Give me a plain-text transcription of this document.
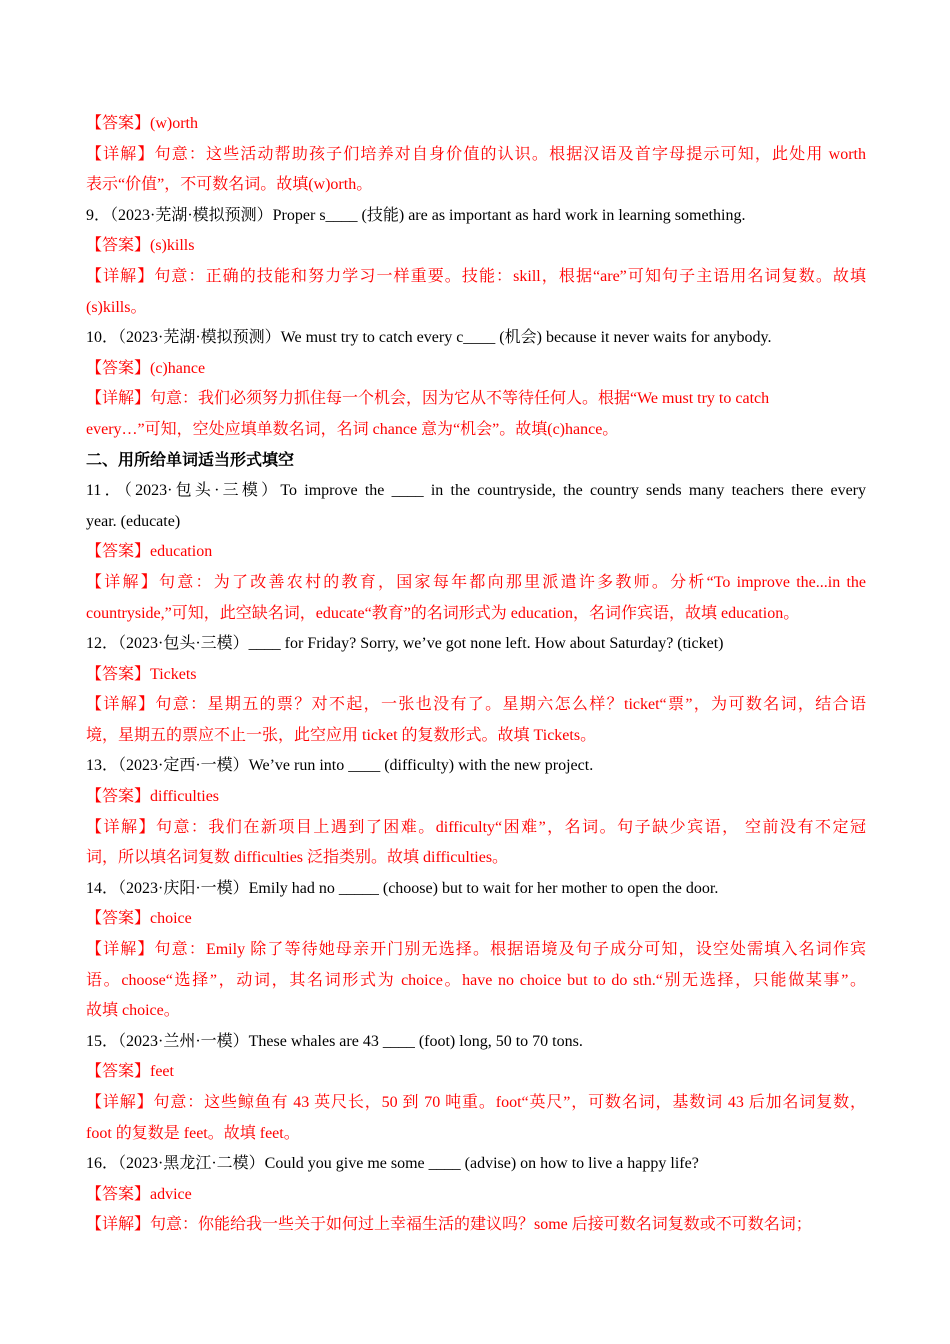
【答案】(w)orth
【详解】句意：这些活动帮助孩子们培养对自身价值的认识。根据汉语及首字母提示可知，此处用 worth
表示“价值”，不可数名词。故填(w)orth。
9．（2023·芜湖·模拟预测）Proper s____ (技能) are as important as hard work in learning something.
【答案】(s)kills
【详解】句意：正确的技能和努力学习一样重要。技能：skill，根据“are”可知句子主语用名词复数。故填
(s)kills。
10．（2023·芜湖·模拟预测）We must try to catch every c____ (机会) because it never waits for anybody.
【答案】(c)hance
【详解】句意：我们必须努力抓住每一个机会，因为它从不等待任何人。根据“We must try to catch
every…”可知，空处应填单数名词，名词 chance 意为“机会”。故填(c)hance。
二、用所给单词适当形式填空
11．（2023·包头·三模）To improve the ____ in the countryside, the country sends many teachers there every
year. (educate)
【答案】education
【详解】句意：为了改善农村的教育，国家每年都向那里派遣许多教师。分析“To improve the...in the
countryside,”可知，此空缺名词，educate“教育”的名词形式为 education，名词作宾语，故填 education。
12．（2023·包头·三模）____ for Friday? Sorry, we’ve got none left. How about Saturday? (ticket)
【答案】Tickets
【详解】句意：星期五的票？对不起，一张也没有了。星期六怎么样？ticket“票”，为可数名词，结合语
境，星期五的票应不止一张，此空应用 ticket 的复数形式。故填 Tickets。
13．（2023·定西·一模）We’ve run into ____ (difficulty) with the new project.
【答案】difficulties
【详解】句意：我们在新项目上遇到了困难。difficulty“困难”，名词。句子缺少宾语， 空前没有不定冠
词，所以填名词复数 difficulties 泛指类别。故填 difficulties。
14．（2023·庆阳·一模）Emily had no _____ (choose) but to wait for her mother to open the door.
【答案】choice
【详解】句意：Emily 除了等待她母亲开门别无选择。根据语境及句子成分可知，设空处需填入名词作宾
语。choose“选择”，动词，其名词形式为 choice。have no choice but to do sth.“别无选择，只能做某事”。
故填 choice。
15．（2023·兰州·一模）These whales are 43 ____ (foot) long, 50 to 70 tons.
【答案】feet
【详解】句意：这些鲸鱼有 43 英尺长，50 到 70 吨重。foot“英尺”，可数名词，基数词 43 后加名词复数，
foot 的复数是 feet。故填 feet。
16．（2023·黑龙江·二模）Could you give me some ____ (advise) on how to live a happy life?
【答案】advice
【详解】句意：你能给我一些关于如何过上幸福生活的建议吗？some 后接可数名词复数或不可数名词；
